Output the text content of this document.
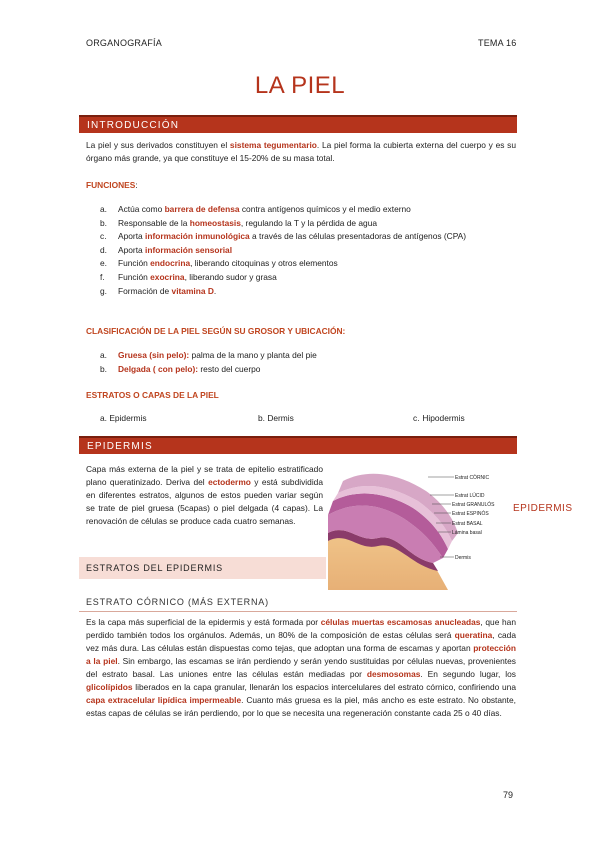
ORGANOGRAFÍA	TEMA 16
LA PIEL
INTRODUCCIÓN
La piel y sus derivados constituyen el sistema tegumentario. La piel forma la cubierta externa del cuerpo y es su órgano más grande, ya que constituye el 15-20% de su masa total.
FUNCIONES:
a.	Actúa como barrera de defensa contra antígenos químicos y el medio externo
b.	Responsable de la homeostasis, regulando la T y la pérdida de agua
c.	Aporta información inmunológica a través de las células presentadoras de antígenos (CPA)
d.	Aporta información sensorial
e.	Función endocrina, liberando citoquinas y otros elementos
f.	Función exocrina, liberando sudor y grasa
g.	Formación de vitamina D.
CLASIFICACIÓN DE LA PIEL SEGÚN SU GROSOR Y UBICACIÓN:
a.	Gruesa (sin pelo): palma de la mano y planta del pie
b.	Delgada ( con pelo): resto del cuerpo
ESTRATOS O CAPAS DE LA PIEL
a.
Epidermis	b.
Dermis	c.
Hipodermis
EPIDERMIS
Capa más externa de la piel y se trata de epitelio estratificado plano queratinizado. Deriva del ectodermo y está subdividida en diferentes estratos, algunos de estos pueden variar según se trate de piel gruesa (5capas) o piel delgada (4 capas). La renovación de células se produce cada cuatro semanas.
Estrat CÒRNIC
Estrat LÚCID
Estrat GRANULÓS
Estrat ESPINÓS
Estrat BASAL
Lámina basal
Dermis
EPIDERMIS
ESTRATOS DEL EPIDERMIS
ESTRATO CÓRNICO (MÁS EXTERNA)
Es la capa más superficial de la epidermis y está formada por células muertas escamosas anucleadas, que han perdido también todos los orgánulos. Además, un 80% de la composición de estas células será queratina, cada vez más dura. Las células están dispuestas como tejas, que adoptan una forma de escamas y aportan protección a la piel. Sin embargo, las escamas se irán perdiendo y serán yendo sustituidas por células nuevas, provenientes del estrato basal. Las uniones entre las células están mediadas por desmosomas. En segundo lugar, los glicolípidos liberados en la capa granular, llenarán los espacios intercelulares del estrato córnico, confiriendo una capa extracelular lipídica impermeable. Cuanto más gruesa es la piel, más ancho es este estrato. No obstante, estas capas de células se irán perdiendo, por lo que se necesita una regeneración constante cada 25 o 40 días.
79
